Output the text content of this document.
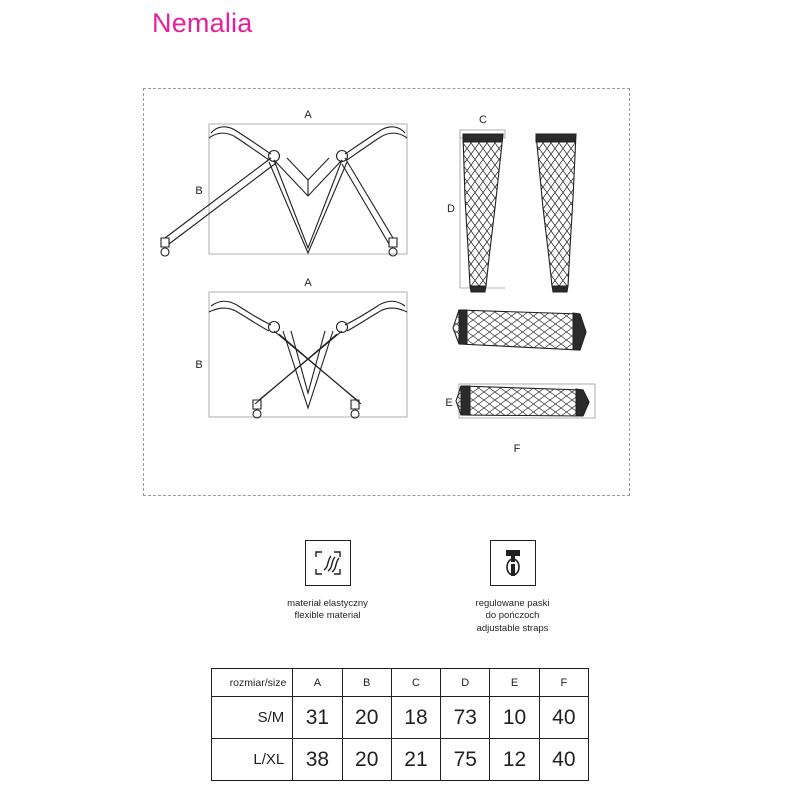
Nemalia
A
B
A
B
C
D
E
F
materiał elastyczny
flexible material
regulowane paski
do pończoch
adjustable straps
rozmiar/size	A	B	C	D	E	F
S/M	31	20	18	73	10	40
L/XL	38	20	21	75	12	40
